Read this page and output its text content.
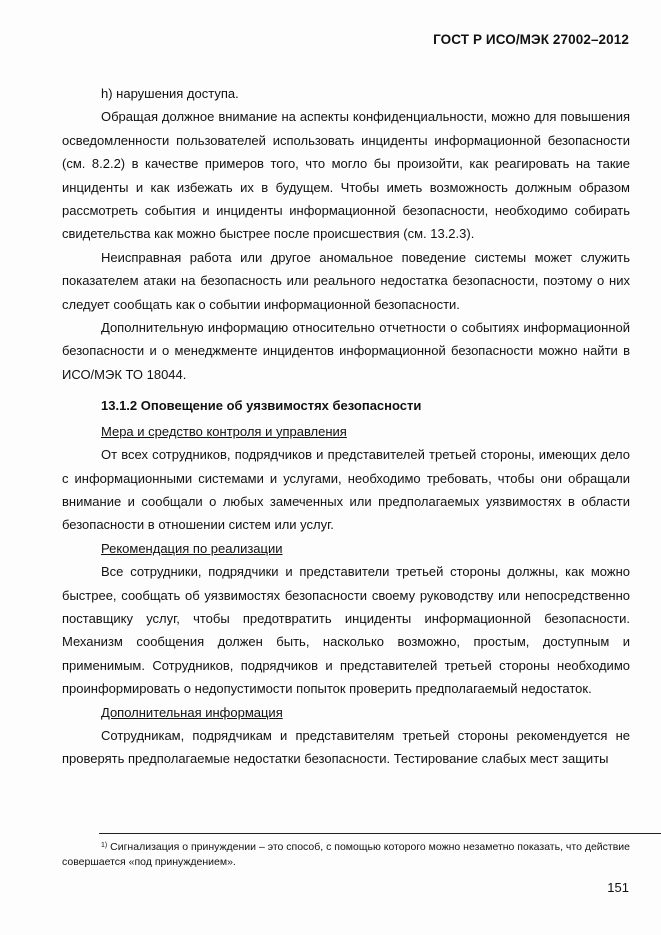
ГОСТ Р ИСО/МЭК 27002–2012

h) нарушения доступа.

Обращая должное внимание на аспекты конфиденциальности, можно для повышения осведомленности пользователей использовать инциденты информационной безопасности (см. 8.2.2) в качестве примеров того, что могло бы произойти, как реагировать на такие инциденты и как избежать их в будущем. Чтобы иметь возможность должным образом рассмотреть события и инциденты информационной безопасности, необходимо собирать свидетельства как можно быстрее после происшествия (см. 13.2.3).

Неисправная работа или другое аномальное поведение системы может служить показателем атаки на безопасность или реального недостатка безопасности, поэтому о них следует сообщать как о событии информационной безопасности.

Дополнительную информацию относительно отчетности о событиях информационной безопасности и о менеджменте инцидентов информационной безопасности можно найти в ИСО/МЭК ТО 18044.

13.1.2 Оповещение об уязвимостях безопасности

Мера и средство контроля и управления

От всех сотрудников, подрядчиков и представителей третьей стороны, имеющих дело с информационными системами и услугами, необходимо требовать, чтобы они обращали внимание и сообщали о любых замеченных или предполагаемых уязвимостях в области безопасности в отношении систем или услуг.

Рекомендация по реализации

Все сотрудники, подрядчики и представители третьей стороны должны, как можно быстрее, сообщать об уязвимостях безопасности своему руководству или непосредственно поставщику услуг, чтобы предотвратить инциденты информационной безопасности. Механизм сообщения должен быть, насколько возможно, простым, доступным и применимым. Сотрудников, подрядчиков и представителей третьей стороны необходимо проинформировать о недопустимости попыток проверить предполагаемый недостаток.

Дополнительная информация

Сотрудникам, подрядчикам и представителям третьей стороны рекомендуется не проверять предполагаемые недостатки безопасности. Тестирование слабых мест защиты

$^{1)}$ Сигнализация о принуждении – это способ, с помощью которого можно незаметно показать, что действие совершается «под принуждением».
151
